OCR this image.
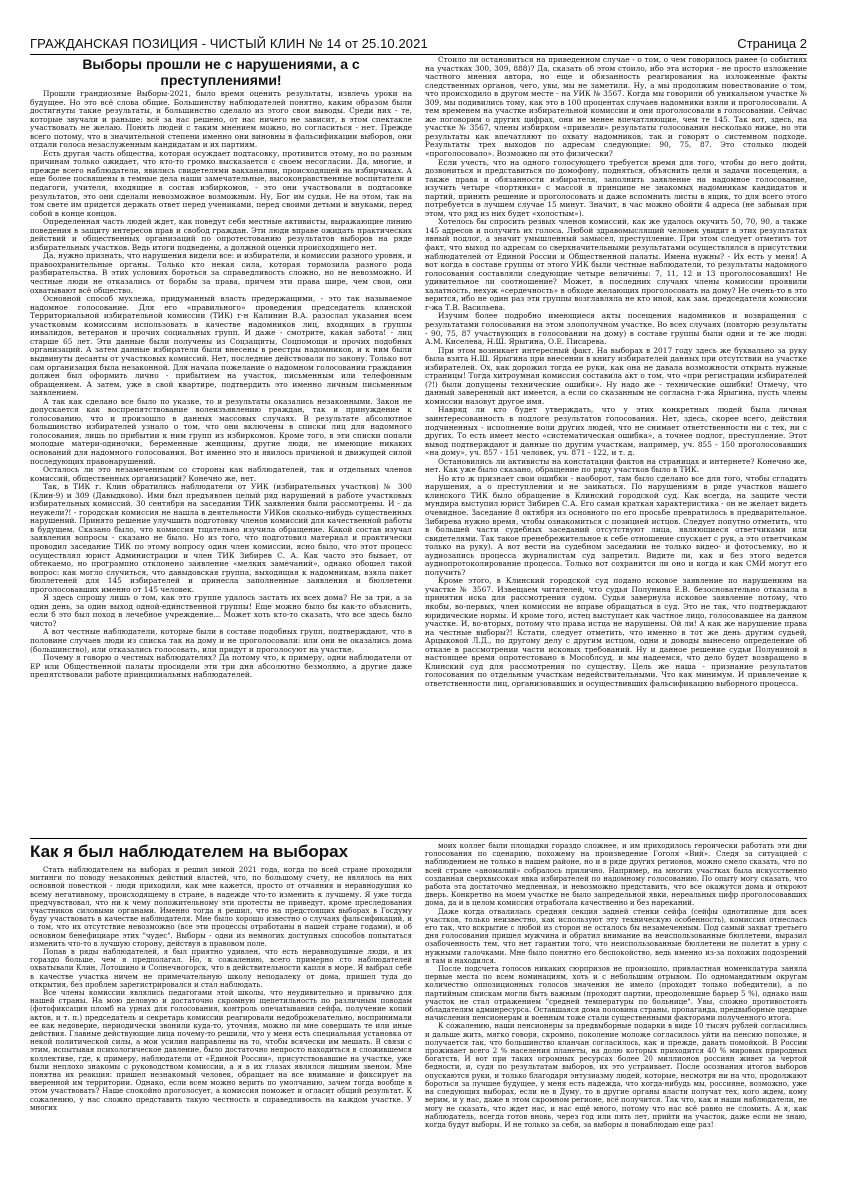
ГРАЖДАНСКАЯ ПОЗИЦИЯ - ЧИСТЫЙ КЛИН № 14 от 25.10.2021	Страница 2
Выборы прошли не с нарушениями, а с преступлениями!

Прошли грандиозные Выборы-2021, было время оценить результаты, извлечь уроки на будущее. Но это всё слова общие. Большинству наблюдателей понятно, каким образом были достигнуты такие результаты, и большинство сделало из этого свои выводы. Среди них - те, которые звучали и раньше: всё за нас решено, от нас ничего не зависит, в этом спектакле участвовать не желаю. Понять людей с таким мнением можно, но согласиться - нет. Прежде всего потому, что в значительной степени именно они виновны в фальсификации выборов, они отдали голоса незаслуженным кандидатам и их партиям.

Есть другая часть общества, которая осуждает подтасовку, противится этому, но по разным причинам только ожидает, что кто-то громко высказается с своем несогласии. Да, многие, и прежде всего наблюдатели, явились свидетелями вакханалии, происходящей на избирчиках. А еще более посвящены в темные дела наши замечательные, высоконравственные воспитатели и педагоги, учителя, входящие в состав избиркомов, - это они участвовали в подтасовке результатов, это они сделали невозможное возможным. Ну, Бог им судья. Не на этом, так на том свете им придется держать ответ перед учениками, перед своими детьми и внуками, перед собой в конце концов.

Определенная часть людей ждет, как поведут себя местные активисты, выражающие линию поведения в защиту интересов прав и свобод граждан. Эти люди вправе ожидать практических действий и общественных организаций по опротестованию результатов выборов на ряде избирательных участков. Ведь итоги подведены, а должной оценки происходящего нет.

Да, нужно признать, что нарушения видели все: и избиратели, и комиссии разного уровня, и правоохранительные органы. Только кто некая сила, которая тормозила разного рода разбирательства. В этих условиях бороться за справедливость сложно, но не невозможно. И честные люди не отказались от борьбы за права, причем эти права шире, чем свои, они охватывают всё общество.

Основной способ мухлежа, придуманный власть предержащими, - это так называемое надомное голосование. Для его «правильного» проведения председатель клинской Территориальной избирательной комиссии (ТИК) г-н Калинин В.А. разослал указания всем участковым комиссиям использовать в качестве надомников лиц, входящих в группы инвалидов, ветеранов и прочих социальных групп. И даже - смотрите, какая забота! - лиц старше 65 лет. Эти данные были получены из Соцзащиты, Соцпомощи и прочих подобных организаций. А затем данные избиратели были внесены в реестры надомников, и к ним были выдвинуты десанты от участковых комиссий. Нет, последние действовали по закону. Только вот сам организация была незаконной. Для начала пожелание о надомном голосовании гражданин должен был оформить лично - прибытием на участок, письменным или телефонным обращением. А затем, уже в свой квартире, подтвердить это именно личным письменным заявлением.

А так как сделано все было по указке, то и результаты оказались незаконными. Закон не допускается как воспрепятствование волеизъявлению граждан, так и принуждение к голосованию, что и произошло в данных массовых случаях. В результате абсолютное большинство избирателей узнало о том, что они включены в списки лиц для надомного голосования, лишь по прибытии к ним групп из избиркомов. Кроме того, в эти списки попали молодые матери-одиночки, беременные женщины, другие люди, не имеющие никаких оснований для надомного голосования. Вот именно это и явилось причиной и движущей силой последующих правонарушений.

Осталось ли это незамеченным со стороны как наблюдателей, так и отдельных членов комиссий, общественных организаций? Конечно же, нет.

Так, в ТИК г. Клин обратились наблюдатели от УИК (избирательных участков) № 300 (Клин-9) и 309 (Давыдково). Ими был предъявлен целый ряд нарушений в работе участковых избирательных комиссий. 30 сентября на заседании ТИК заявления были рассмотрены. И - да неужели?! - городская комиссия не нашла в деятельности УИКов сколько-нибудь существенных нарушений. Принято решение улучшить подготовку членов комиссий для качественной работы в будущем. Сказано было, что комиссия тщательно изучила обращение. Какой состав изучал заявления вопросы - сказано не было. Но из того, что подготовил материал и практически проводил заседание ТИК по этому вопросу один член комиссии, ясно было, что этот процесс осуществлял юрист Администрации и член ТИК Зибирев С. А. Как часто это бывает, от обтекаемо, но програмпно отклонено заявление «мелких замечаний», однако обошел такой вопрос: как могло случиться, что давыдовская группа, выходящая к надомникам, взяла пакет бюллетеней для 145 избирателей и принесла заполненные заявления и бюллетени проголосовавших именно от 145 человек.

Я здесь спрошу лишь о том, как это группе удалось застать их всех дома? Не за три, а за один день, за один выход одной-единственной группы! Еще можно было бы как-то объяснить, если б это был поход в лечебное учреждение... Может хоть кто-то сказать, что все здесь было чисто?

А вот честные наблюдатели, которые были в составе подобных групп, подтверждают, что в половине случаев люди из списка так на дому и не проголосовали: или они не оказались дома (большинство), или отказались голосовать, или придут и проголосуют на участке.

Почему я говорю о честных наблюдателях? Да потому что, к примеру, одни наблюдатели от ЕР или Общественной палаты просидели эти три дня абсолютно безмолвно, а другие даже препятствовали работе принципиальных наблюдателей.

Стоило ли остановиться на приведенном случае - о том, о чем говорилось ранее (о событиях на участках 300, 309, 888)? Да, сказать об этом стоило, ибо эта история - не просто изложение частного мнения автора, но еще и обязанность реагирования на изложенные факты следственных органов, чего, увы, мы не заметили. Ну, а мы продолжим повествование о том, что происходило в другом месте - на УИК № 3567. Когда мы говорили об уникальном участке № 309, мы подивились тому, как это в 100 процентах случаев надомники взяли и проголосовали. А тем временем на участке избирательной комиссии и они проголосовали в голосовании. Сейчас же поговорим о других цифрах, они не менее впечатляющие, чем те 145. Так вот, здесь, на участке № 3567, члены избирком «привезли» результаты голосования несколько ниже, но эти результаты как впечатляют по охвату надомников, так и говорят о системном подходе. Результаты трех выходов по адресам следующие: 90, 75, 87. Это столько людей «проголосовало». Возможно ли это физически?

Если учесть, что на одного голосующего требуется время для того, чтобы до него дойти, дозвониться и представиться по домофону, подняться, объяснить цели и задачи посещения, а также права и обязанности избирателя, заполнить заявление на надомное голосование, изучить четыре «портянки» с массой в принципе не знакомых надомникам кандидатов и партий, принять решение и проголосовать и даже вспомнить листы в ящик, то для всего этого потребуется в лучшем случае 15 минут. Значит, в час можно обойти 4 адреса (не забывая при этом, что ряд из них будет «холостым»).

Хотелось бы спросить резвых членов комиссий, как же удалось окучить 50, 70, 90, а также 145 адресов и получить их голоса. Любой здравомыслящий человек увидит в этих результатах явный подлог, а значит умышленный замысел, преступление. При этом следует отметить тот факт, что выход по адресам со сверхначительными результатами осуществлялся в присутствии наблюдателей от Единой России и Общественной палаты. Имена нужны? - Их есть у меня! А вот когда в составе группы от этого УИК были честные наблюдатели, то результаты надомного голосования составляли следующие четыре величины: 7, 11, 12 и 13 проголосовавших! Не удивительное ли соотношение? Может, в последних случаях члены комиссии проявили халатность, нехуж «сердечность» в обходе желающих проголосовать на дому? Не очень-то в это верится, ибо не один раз эти группы возглавляла не кто иной, как зам. председателя комиссии г-жа Т.В. Васильева.

Изучим более подробно имеющиеся акты посещения надомников и возвращения с результатами голосования на этом злополучном участке. Во всех случаях (повторю результаты - 90, 75, 87 участвующих в голосовании на дому) в составе группы были одни и те же люди: А.М. Киселева, Н.Ш. Ярыгина, О.Е. Писарева.

При этом возникает интересный факт. На выборах в 2017 году здесь же буквально за руку была взята Н.Ш. Ярыгина при внесении в книгу избирателей данных при отсутствии на участке избирателей. Ох, как дорожил тогда ее руки, как она не давала возможности открыть нужные страницы! Тогда хитроумная комиссия составила акт о том, что «при регистрации избирателей (?!) были допущены технические ошибки». Ну надо же - технические ошибки! Отмечу, что данный заверенный акт имеется, а если со сказанным не согласна г-жа Ярыгина, пусть члены комиссии назовут другое имя.

Навряд ли кто будет утверждать, что у этих конкретных людей была личная заинтересованность в подлоге результатов голосования. Нет, здесь, скорее всего, действия подчиненных - исполнение воли других людей, что не снимает ответственности ни с тех, ни с других. То есть имеет место «систематическая ошибка», а точнее подлог, преступление. Этот вывод подтверждают и данные по другим участкам, например, уч. 855 - 150 проголосовавших «на дому», уч. 857 - 151 человек, уч. 871 - 122, и т. д.

Остановились ли активисты на констатации фактов на страницах и интернете? Конечно же, нет. Как уже было сказано, обращение по ряду участков было в ТИК.

Но кто ж признает свои ошибки - наоборот, там было сделано все для того, чтобы сгладить нарушения, а о преступлении и не заикаться. По нарушениям в ряде участков нашего клинского ТИК было обращение в Клинский городской суд. Как всегда, на защите чести мундира выступил юрист Зибирев С.А. Его самая краткая характеристика - он не желает видеть очевидное. Заседание 8 октября из основного по его просьбе превратилось в предварительное. Зибирева нужно время, чтобы ознакомиться с позицией истцов. Следует попутно отметить, что в большей части судебных заседаний отсутствуют лица, являющиеся ответчиками или свидетелями. Так такое пренебрежительное к себе отношение спускает с рук, а это ответчикам только на руку). А вот вести на судебном заседании не только видео- и фотосъемку, но и аудиозапись процесса журналистам суд запретил. Видите ли, как и без этого ведется аудиопротоколирование процесса. Только вот сохранится ли оно и когда и как СМИ могут его получить?

Кроме этого, в Клинский городской суд подано исковое заявление по нарушениям на участке № 3567. Извещаем читателей, что судья Полунина Е.В. безосновательно отказала в принятии иска для рассмотрения судом. Судья завернула исковое заявление потому, что якобы, во-первых, член комиссии не вправе обращаться в суд. Это не так, что подтверждают юридические нормы. И кроме того, истец выступает как частное лицо, голосовавшее на данном участке. И, во-вторых, потому что права истца не нарушены. Ой ли! А как же нарушение права на честные выборы?! Кстати, следует отметить, что именно в тот же день другим судьей, Арцыковой Л.Д., по другому делу с другим истцом, одни и доводы вынесено определение об отказе в рассмотрении части исковых требований. Ну и данное решение судьи Полуниной в настоящее время опротестовано в Мособлсуд, и мы надеемся, что дело будет возвращено в Клинский суд для рассмотрения по существу. Цель же наша - признание результатов голосования по отдельным участкам недействительными. Что как минимум. И привлечение к ответственности лиц, организовавших и осуществивших фальсификацию выборного процесса.

Как я был наблюдателем на выборах

Стать наблюдателем на выборах я решил зимой 2021 года, когда по всей стране проходили митинги по поводу незаконных действий властей, что, по большому счету, не являлось на них основной повесткой - люди приходили, как мне кажется, просто от отчаяния и неравнодушия ко всему негативному, происходящему в стране, в надежде что-то изменить к лучшему. Я уже тогда предчувствовал, что ни к чему положительному эти протесты не приведут, кроме преследования участников силовыми органами. Именно тогда я решил, что на предстоящих выборах в Госдуму буду участвовать в качестве наблюдателя. Мне было хорошо известно о случаях фальсификаций, и о том, что их отсутствие невозможно (все эти процессы отработаны в нашей стране годами), и об основном бенефициаре этих "чудес". Выборы - одни из немногих доступных способов попытаться изменить что-то в лучшую сторону, действуя в правовом поле.

Попав в ряды наблюдателей, я был приятно удивлен, что есть неравнодушные люди, и их гораздо больше, чем я предполагал. Но, к сожалению, всего примерно сто наблюдателей охватывали Клин, Лотошино и Солнечногорск, что в действительности капля в море. Я выбрал себе в качестве участка ничем не примечательную школу неподалеку от дома, пришел туда до открытия, без проблем зарегистрировался и стал наблюдать.

Все члены комиссии являлись педагогами этой школы, что неудивительно и привычно для нашей страны. На мою деловую и достаточно скромную щепетильность по различным поводам (фотофиксация пломб на урнах для голосования, контроль опечатывания сейфа, получение копий актов, и т. п.) председатель и секретарь комиссии реагировали недоброжелательно, воспринимали ее как недоверие, периодически звонили куда-то, уточняя, можно ли мне совершать те или иные действия. Главные действующие лица почему-то решили, что у меня есть специальная установка от некой политической силы, а мои усилия направлены на то, чтобы всячески им мешать. В связи с этим, испытывая психологическое давление, было достаточно непросто находиться в сложившемся коллективе, где, к примеру, наблюдатели от «Единой России», присутствовавшие на участке, уже были неплохо знакомы с руководством комиссии, а я в их глазах являлся лишним звеном. Мне понятна их реакция: пришел незнакомый человек, обращает на все внимание и фиксирует на вверенной им территории. Однако, если всем можно верить по умолчанию, зачем тогда вообще в этом участвовать? Наше спокойно проголосует, а комиссия поможет и огласит общий результат. К сожалению, у нас сложно представить такую честность и справедливость на каждом участке. У многих

моих коллег были площадки гораздо сложнее, и им приходилось героически работать эти дни голосования по сценарию, похожему на произведение Гоголя «Вий». Следя за ситуацией с наблюдением не только в нашем районе, но и в ряде других регионов, можно смело сказать, что по всей стране «аномалий» собралось прилично. Например, на многих участках была искусственно созданная сверхвысокая явка избирателей по надомному голосованию. По опыту могу сказать, что работа эта достаточно медленная, и невозможно представить, что все окажутся дома и откроют дверь. Конкретно на моем участке не было запредельной явки, нереальных цифр проголосовавших дома, да и в целом комиссия отработала качественно и без нареканий.

Даже когда отвалилась средняя секция задней стенки сейфа (сейфы однотипные для всех участков, только неизвестно, как используют эту техническую особенность), комиссия отнеслась его так, что вскрытие с любой из сторон не осталось бы незамеченным. Под самый захват третьего дня голосования пришел мужчина и обратил внимание на неиспользованные бюллетени, выразил озабоченность тем, что нет гарантии того, что неиспользованные бюллетени не полетят в урну с нужными галочками. Мне было понятно его беспокойство, ведь именно из-за похожих подозрений я там и находился.

После подсчета голосов никаких сюрпризов не произошло, привластная номенклатура заняла первые места по всем номинациям, хоть и с небольшим отрывом. По одномандатным округам количество оппозиционных голосов значения не имело (проходят только победители), а по партийным спискам могли быть важным (проходят партии, преодолевшие барьер 5 %), однако наш участок не стал отражением "средней температуры по больнице". Увы, сложно противостоять обладателям админресурса. Оставшаяся дома половина страны, пропаганда, предвыборные щедрые начисления пенсионерам и военным тоже стали существенными факторами полученного итога.

К сожалению, наши пенсионеры за предвыборные подарки в виде 10 тысяч рублей согласились и дальше жить, мягко говоря, скромно, поколение моложе согласилось уйти на пенсию попозже, и получается так, что большинство кланчан согласилось, как и прежде, давать помойкой. В России проживает всего 2 % населения планеты, на долю которых приходится 40 % мировых природных богатств. И вот при таких огромных ресурсах более 20 миллионов россиян живет за чертой бедности, и, судя по результатам выборов, их это устраивает. После осознания итогов выборов опускаются руки, и только благодаря энтузиазму людей, которые, несмотря ни на что, продолжают бороться за лучшее будущее, у меня есть надежда, что когда-нибудь мы, россияне, возможно, уже на следующих выборах, если не в Думу, то в другие органы власти получат тех, кого ждем, кому верим, и у нас, даже в этом скромном регионе, всё получится. Так что, как и наши наблюдатели, не могу не сказать, что ждет нас, и нас ещё много, потому что нас всё равно не сломить. А я, как наблюдатель, всегда готов вновь, через год или пять лет, прийти на участок, даже если не знаю, когда будут выборы. И не только за себя, за выборы я понаблюдаю еще раз!
